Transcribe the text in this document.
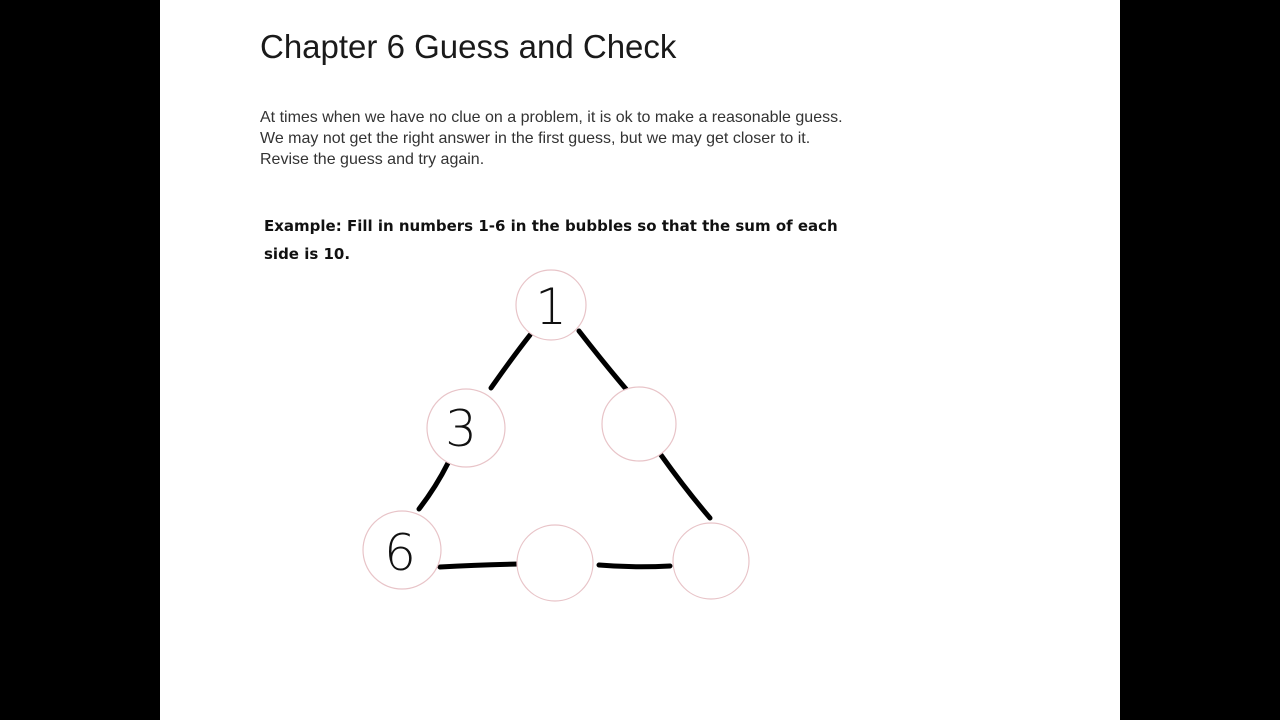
Chapter 6 Guess and Check

At times when we have no clue on a problem, it is ok to make a reasonable guess. We may not get the right answer in the first guess, but we may get closer to it. Revise the guess and try again.

Example: Fill in numbers 1-6 in the bubbles so that the sum of each side is 10.

1
3
6
